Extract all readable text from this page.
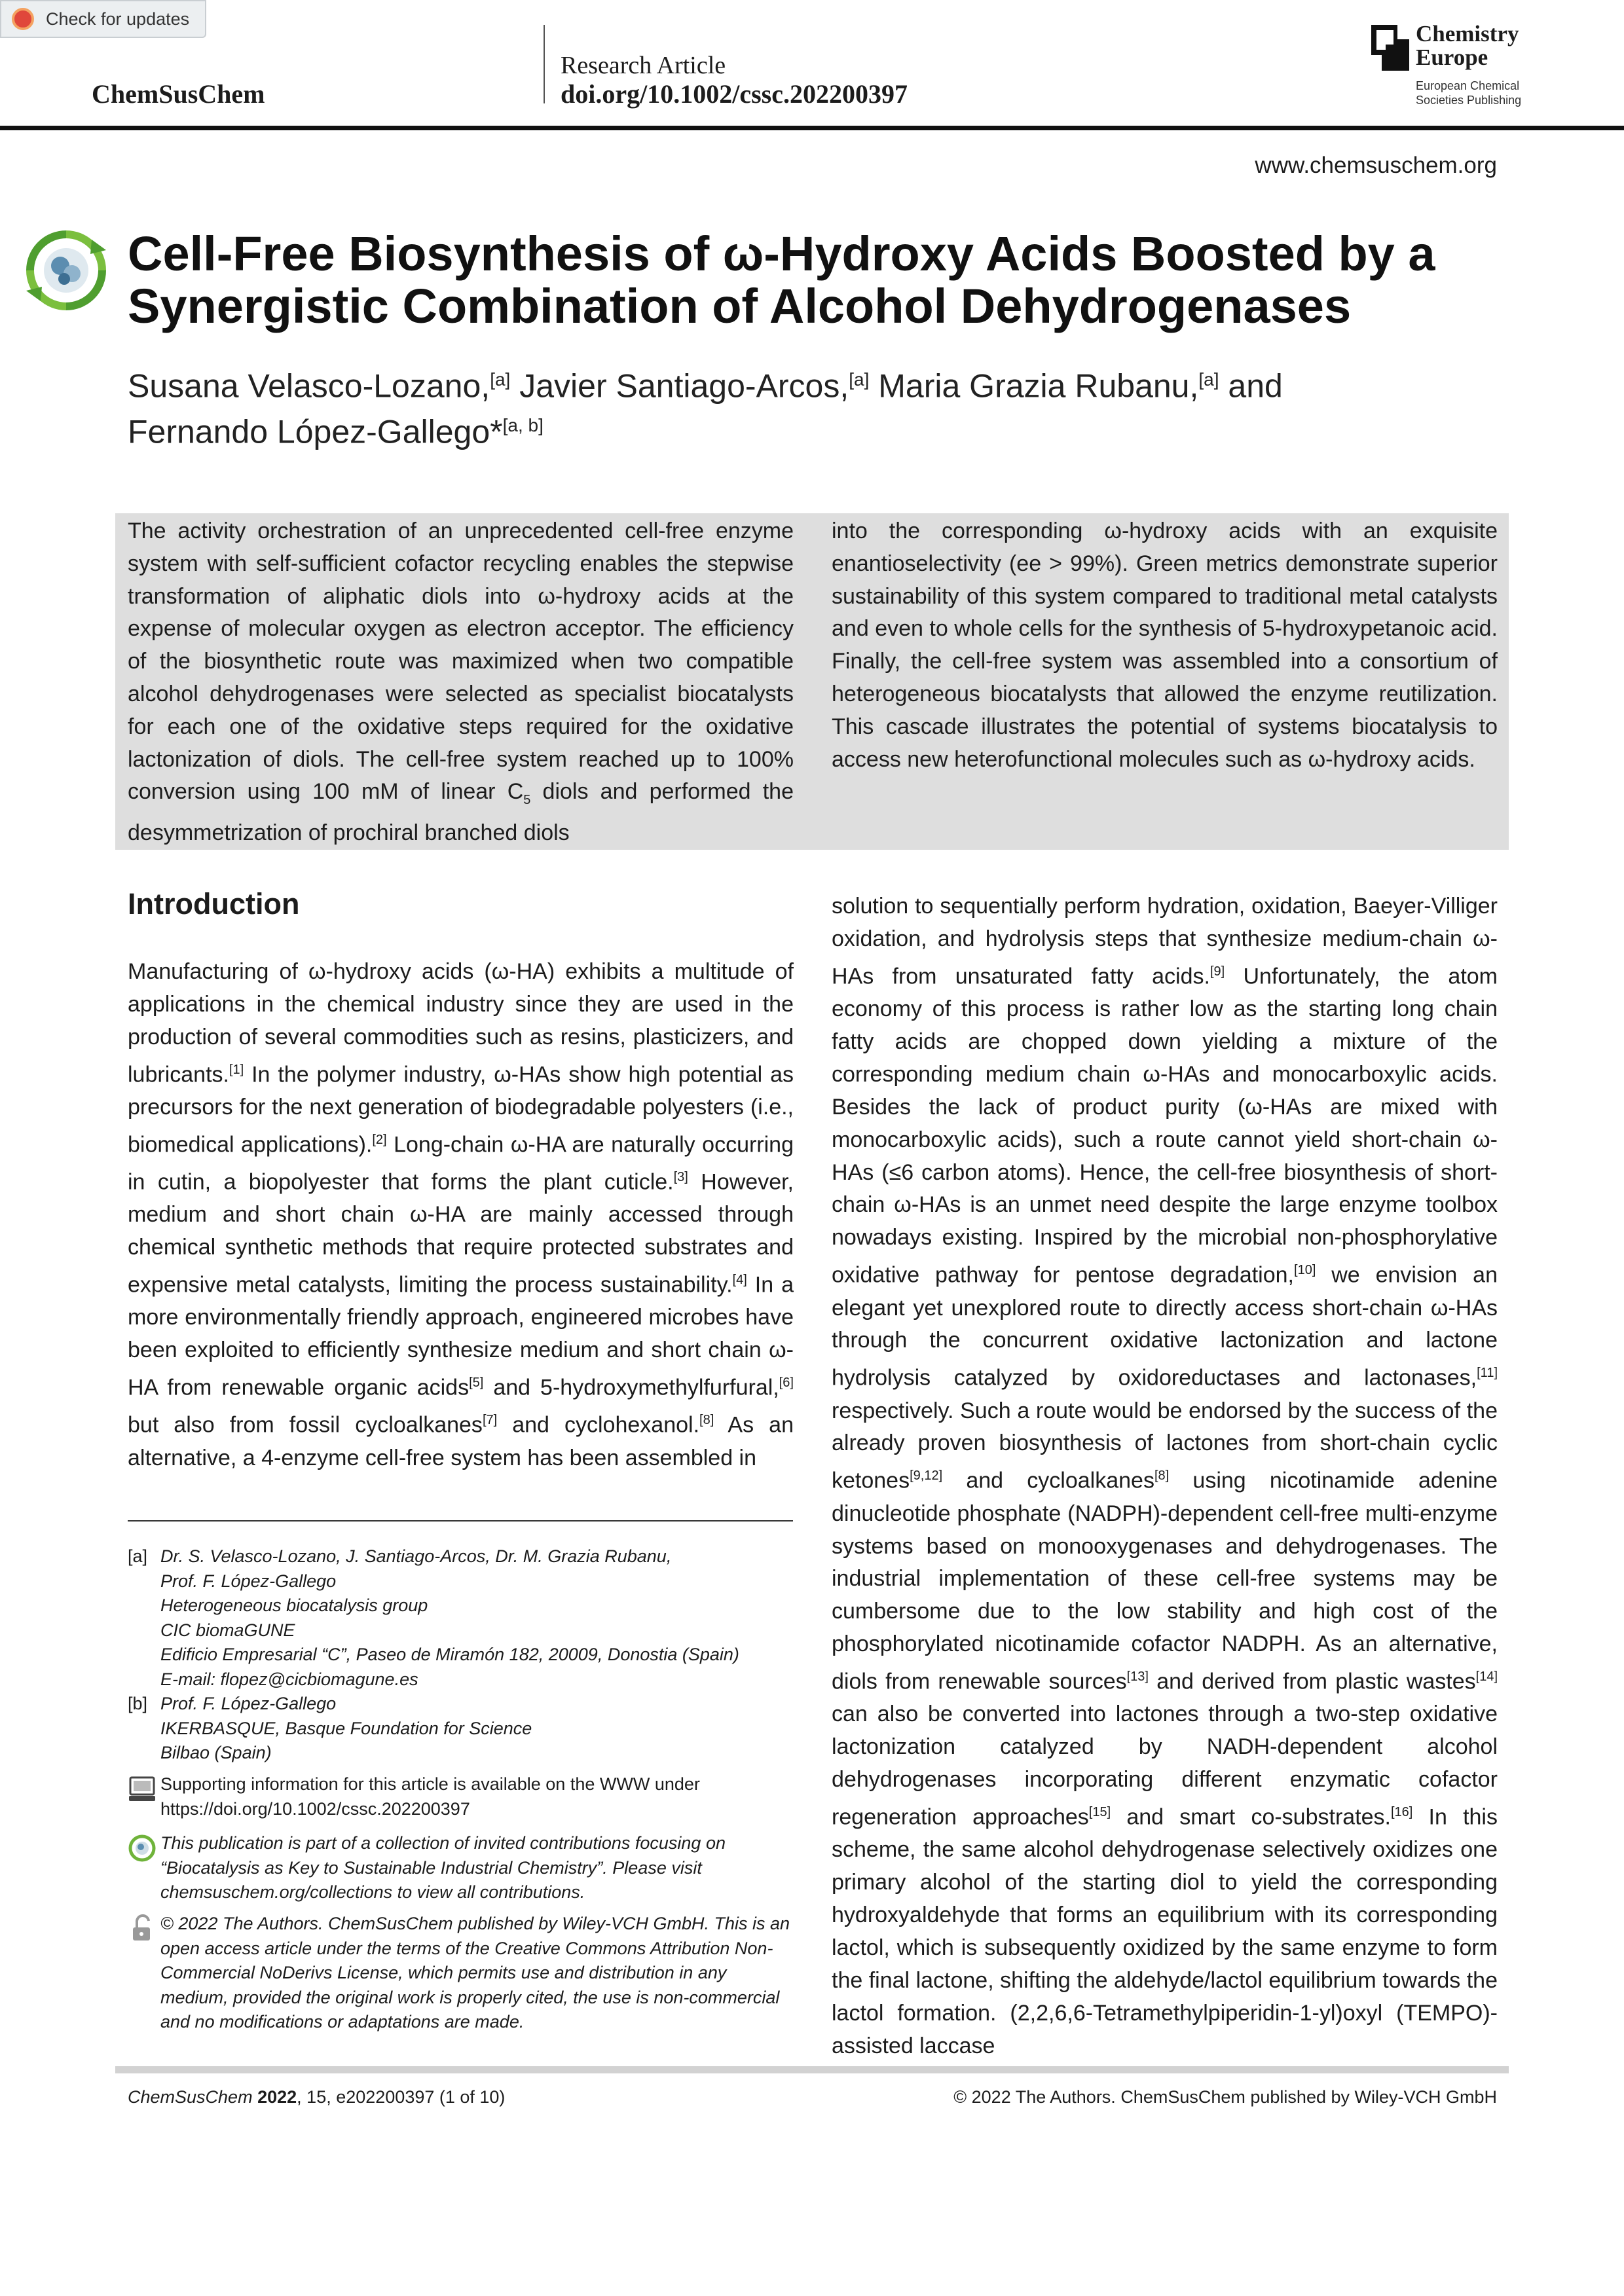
Check for updates
ChemSusChem
Research Article
doi.org/10.1002/cssc.202200397
Chemistry
Europe
European Chemical
Societies Publishing
www.chemsuschem.org
Cell-Free Biosynthesis of ω-Hydroxy Acids Boosted by a
Synergistic Combination of Alcohol Dehydrogenases
Susana Velasco-Lozano,[a] Javier Santiago-Arcos,[a] Maria Grazia Rubanu,[a] and
Fernando López-Gallego*[a, b]
The activity orchestration of an unprecedented cell-free enzyme system with self-sufficient cofactor recycling enables the stepwise transformation of aliphatic diols into ω-hydroxy acids at the expense of molecular oxygen as electron acceptor. The efficiency of the biosynthetic route was maximized when two compatible alcohol dehydrogenases were selected as specialist biocatalysts for each one of the oxidative steps required for the oxidative lactonization of diols. The cell-free system reached up to 100% conversion using 100 mM of linear $C_5$ diols and performed the desymmetrization of prochiral branched diols
into the corresponding ω-hydroxy acids with an exquisite enantioselectivity (ee > 99%). Green metrics demonstrate superior sustainability of this system compared to traditional metal catalysts and even to whole cells for the synthesis of 5-hydroxypetanoic acid. Finally, the cell-free system was assembled into a consortium of heterogeneous biocatalysts that allowed the enzyme reutilization. This cascade illustrates the potential of systems biocatalysis to access new heterofunctional molecules such as ω-hydroxy acids.
Introduction
Manufacturing of ω-hydroxy acids (ω-HA) exhibits a multitude of applications in the chemical industry since they are used in the production of several commodities such as resins, plasticizers, and lubricants.[1] In the polymer industry, ω-HAs show high potential as precursors for the next generation of biodegradable polyesters (i.e., biomedical applications).[2] Long-chain ω-HA are naturally occurring in cutin, a biopolyester that forms the plant cuticle.[3] However, medium and short chain ω-HA are mainly accessed through chemical synthetic methods that require protected substrates and expensive metal catalysts, limiting the process sustainability.[4] In a more environmentally friendly approach, engineered microbes have been exploited to efficiently synthesize medium and short chain ω-HA from renewable organic acids[5] and 5-hydroxymethylfurfural,[6] but also from fossil cycloalkanes[7] and cyclohexanol.[8] As an alternative, a 4-enzyme cell-free system has been assembled in
solution to sequentially perform hydration, oxidation, Baeyer-Villiger oxidation, and hydrolysis steps that synthesize medium-chain ω-HAs from unsaturated fatty acids.[9] Unfortunately, the atom economy of this process is rather low as the starting long chain fatty acids are chopped down yielding a mixture of the corresponding medium chain ω-HAs and monocarboxylic acids. Besides the lack of product purity (ω-HAs are mixed with monocarboxylic acids), such a route cannot yield short-chain ω-HAs (≤6 carbon atoms). Hence, the cell-free biosynthesis of short-chain ω-HAs is an unmet need despite the large enzyme toolbox nowadays existing. Inspired by the microbial non-phosphorylative oxidative pathway for pentose degradation,[10] we envision an elegant yet unexplored route to directly access short-chain ω-HAs through the concurrent oxidative lactonization and lactone hydrolysis catalyzed by oxidoreductases and lactonases,[11] respectively. Such a route would be endorsed by the success of the already proven biosynthesis of lactones from short-chain cyclic ketones[9,12] and cycloalkanes[8] using nicotinamide adenine dinucleotide phosphate (NADPH)-dependent cell-free multi-enzyme systems based on monooxygenases and dehydrogenases. The industrial implementation of these cell-free systems may be cumbersome due to the low stability and high cost of the phosphorylated nicotinamide cofactor NADPH. As an alternative, diols from renewable sources[13] and derived from plastic wastes[14] can also be converted into lactones through a two-step oxidative lactonization catalyzed by NADH-dependent alcohol dehydrogenases incorporating different enzymatic cofactor regeneration approaches[15] and smart co-substrates.[16] In this scheme, the same alcohol dehydrogenase selectively oxidizes one primary alcohol of the starting diol to yield the corresponding hydroxyaldehyde that forms an equilibrium with its corresponding lactol, which is subsequently oxidized by the same enzyme to form the final lactone, shifting the aldehyde/lactol equilibrium towards the lactol formation. (2,2,6,6-Tetramethylpiperidin-1-yl)oxyl (TEMPO)-assisted laccase
[a] Dr. S. Velasco-Lozano, J. Santiago-Arcos, Dr. M. Grazia Rubanu,
Prof. F. López-Gallego
Heterogeneous biocatalysis group
CIC biomaGUNE
Edificio Empresarial “C”, Paseo de Miramón 182, 20009, Donostia (Spain)
E-mail: flopez@cicbiomagune.es
[b] Prof. F. López-Gallego
IKERBASQUE, Basque Foundation for Science
Bilbao (Spain)
Supporting information for this article is available on the WWW under https://doi.org/10.1002/cssc.202200397
This publication is part of a collection of invited contributions focusing on “Biocatalysis as Key to Sustainable Industrial Chemistry”. Please visit chemsuschem.org/collections to view all contributions.
© 2022 The Authors. ChemSusChem published by Wiley-VCH GmbH. This is an open access article under the terms of the Creative Commons Attribution Non-Commercial NoDerivs License, which permits use and distribution in any medium, provided the original work is properly cited, the use is non-commercial and no modifications or adaptations are made.
ChemSusChem 2022, 15, e202200397 (1 of 10)	© 2022 The Authors. ChemSusChem published by Wiley-VCH GmbH
